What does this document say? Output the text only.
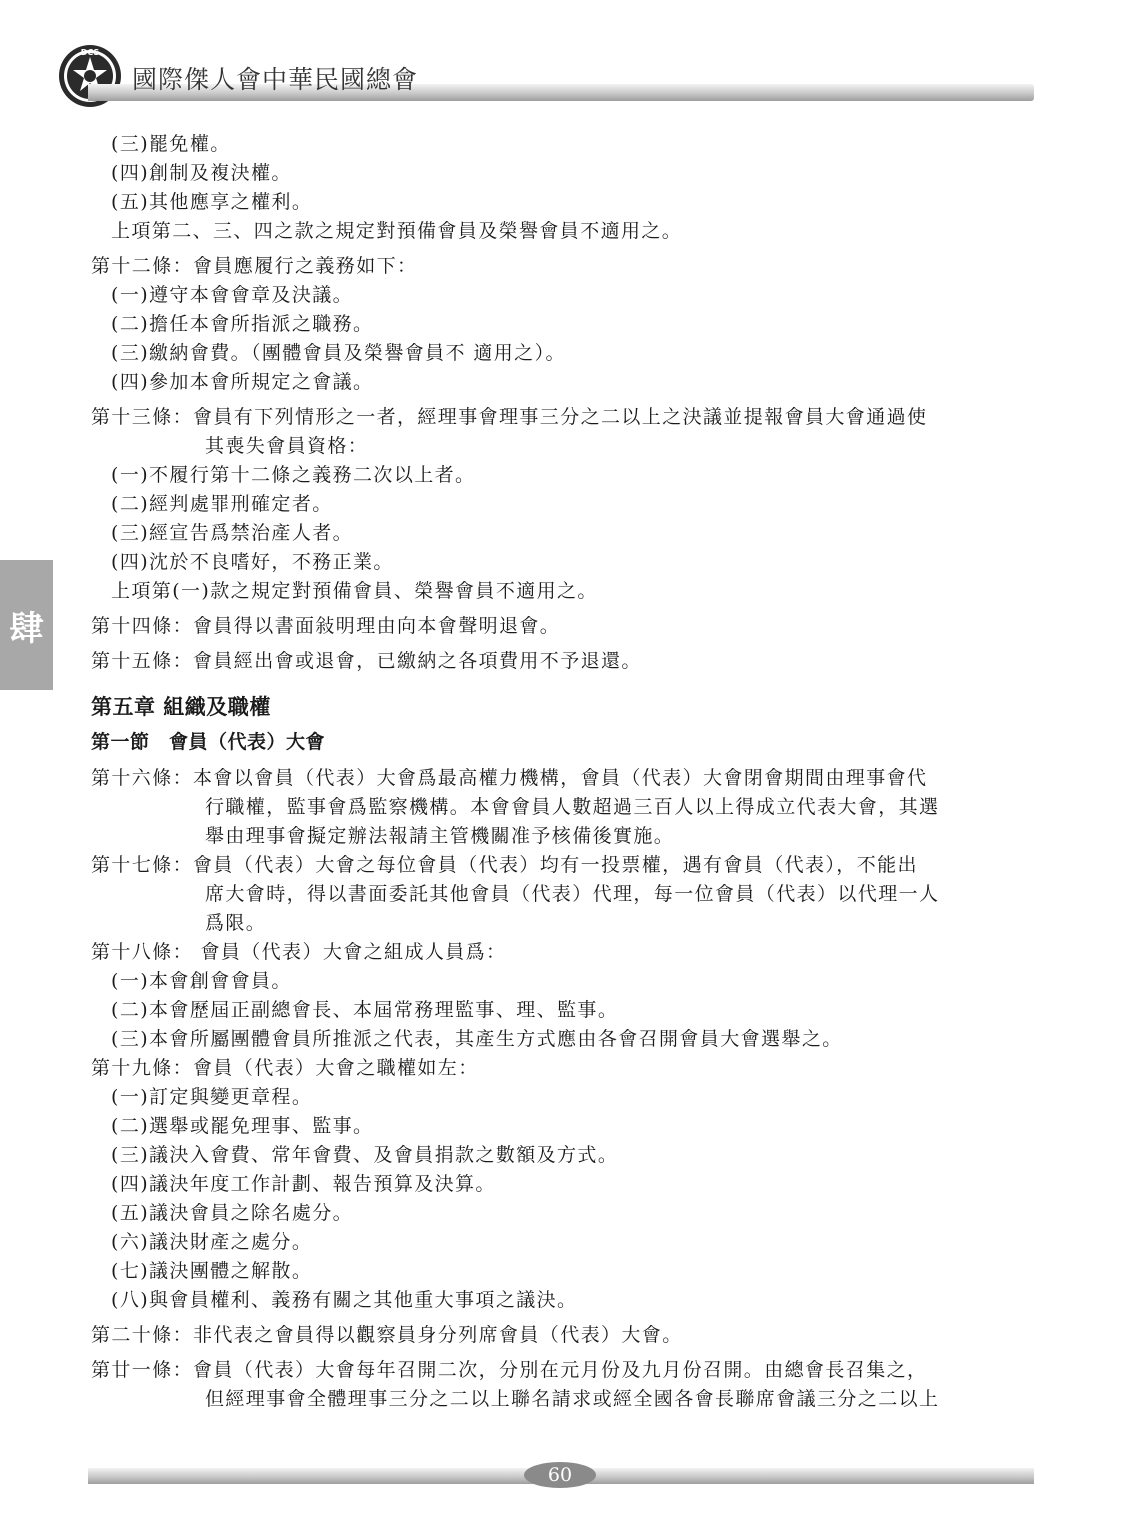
DCS
國際傑人會中華民國總會
肆
(三)罷免權。
(四)創制及複決權。
(五)其他應享之權利。
上項第二、三、四之款之規定對預備會員及榮譽會員不適用之。
第十二條：會員應履行之義務如下：
(一)遵守本會會章及決議。
(二)擔任本會所指派之職務。
(三)繳納會費。（團體會員及榮譽會員不 適用之）。
(四)參加本會所規定之會議。
第十三條：會員有下列情形之一者，經理事會理事三分之二以上之決議並提報會員大會通過使
其喪失會員資格：
(一)不履行第十二條之義務二次以上者。
(二)經判處罪刑確定者。
(三)經宣告爲禁治產人者。
(四)沈於不良嗜好，不務正業。
上項第(一)款之規定對預備會員、榮譽會員不適用之。
第十四條：會員得以書面敍明理由向本會聲明退會。
第十五條：會員經出會或退會，已繳納之各項費用不予退還。
第五章 組織及職權
第一節　會員（代表）大會
第十六條：本會以會員（代表）大會爲最高權力機構，會員（代表）大會閉會期間由理事會代
行職權，監事會爲監察機構。本會會員人數超過三百人以上得成立代表大會，其選
舉由理事會擬定辦法報請主管機關准予核備後實施。
第十七條：會員（代表）大會之每位會員（代表）均有一投票權，遇有會員（代表），不能出
席大會時，得以書面委託其他會員（代表）代理，每一位會員（代表）以代理一人
爲限。
第十八條： 會員（代表）大會之組成人員爲：
(一)本會創會會員。
(二)本會歷屆正副總會長、本屆常務理監事、理、監事。
(三)本會所屬團體會員所推派之代表，其產生方式應由各會召開會員大會選舉之。
第十九條：會員（代表）大會之職權如左：
(一)訂定與變更章程。
(二)選舉或罷免理事、監事。
(三)議決入會費、常年會費、及會員捐款之數額及方式。
(四)議決年度工作計劃、報告預算及決算。
(五)議決會員之除名處分。
(六)議決財產之處分。
(七)議決團體之解散。
(八)與會員權利、義務有關之其他重大事項之議決。
第二十條：非代表之會員得以觀察員身分列席會員（代表）大會。
第廿一條：會員（代表）大會每年召開二次，分別在元月份及九月份召開。由總會長召集之，
但經理事會全體理事三分之二以上聯名請求或經全國各會長聯席會議三分之二以上
60
